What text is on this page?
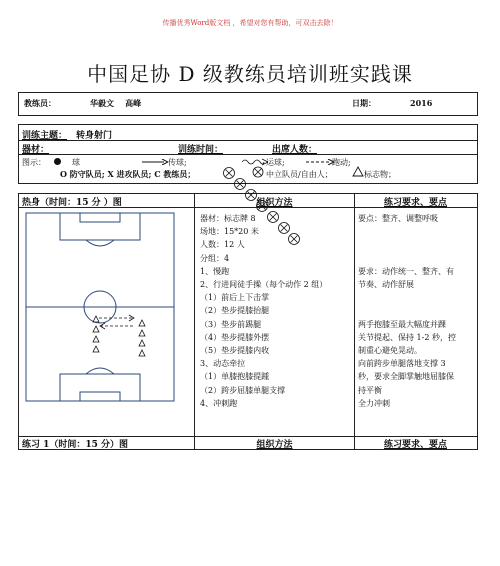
传播优秀Word版文档 ，希望对您有帮助，可双击去除！
中国足协 D 级教练员培训班实践课
教练员：	华毅文    高峰	日期：	2016
训练主题： 转身射门
器材：	训练时间：	出席人数：
图示：	球	传球;	运球;	跑动;
O 防守队员; X 进攻队员; C 教练员；	中立队员/自由人；	标志物；
热身（时间：15 分 ）图	组织方法	练习要求、要点
器材：标志牌 8
场地：15*20 米
人数：12 人
分组：4
1、慢跑
2、行进间徒手操（每个动作 2 组）
（1）前后上下击掌
（2）垫步提膝抬腿
（3）垫步前踢腿
（4）垫步提膝外摆
（5）垫步提膝内收
3、动态牵拉
（1）单膝抱膝提踵
（2）跨步屈膝单腿支撑
4、冲刺跑
要点：整齐、调整呼吸

要求：动作统一、整齐、有
节奏、动作舒展

两手抱膝至最大幅度并踝
关节提起、保持 1-2 秒，控
制重心避免晃动。
向前跨步单腿落地支撑 3
秒，要求全脚掌触地屈膝保
持平衡
全力冲刺
练习 1（时间：15 分）图	组织方法	练习要求、要点
